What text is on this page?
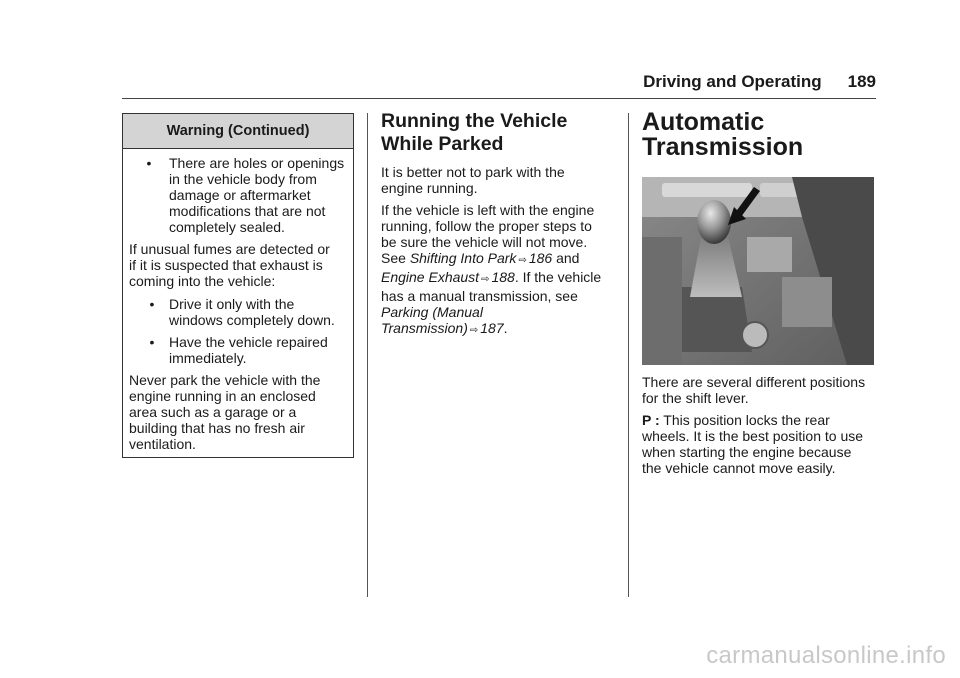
Driving and Operating 189
Warning (Continued)
•	There are holes or openings
in the vehicle body from
damage or aftermarket
modifications that are not
completely sealed.
If unusual fumes are detected or
if it is suspected that exhaust is
coming into the vehicle:
•	Drive it only with the
windows completely down.
•	Have the vehicle repaired
immediately.
Never park the vehicle with the
engine running in an enclosed
area such as a garage or a
building that has no fresh air
ventilation.
Running the Vehicle
While Parked

It is better not to park with the
engine running.

If the vehicle is left with the engine
running, follow the proper steps to
be sure the vehicle will not move.
See Shifting Into Park ⇨ 186 and
Engine Exhaust ⇨ 188. If the vehicle
has a manual transmission, see
Parking (Manual
Transmission) ⇨ 187.

Automatic
Transmission

There are several different positions
for the shift lever.

P : This position locks the rear
wheels. It is the best position to use
when starting the engine because
the vehicle cannot move easily.

carmanualsonline.info
